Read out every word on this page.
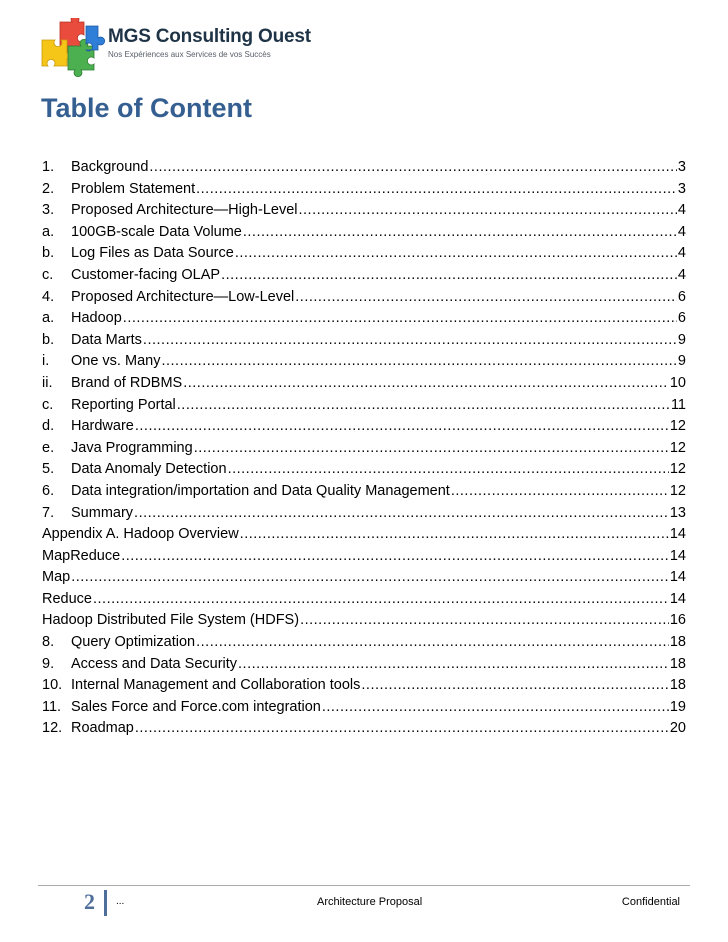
MGS Consulting Ouest
Nos Expériences aux Services de vos Succès
Table of Content
1.	Background .....	3
2.	Problem Statement .....	3
3.	Proposed Architecture—High-Level .....	4
a.	100GB-scale Data Volume .....	4
b.	Log Files as Data Source .....	4
c.	Customer-facing OLAP .....	4
4.	Proposed Architecture—Low-Level .....	6
a.	Hadoop .....	6
b.	Data Marts .....	9
i.	One vs. Many .....	9
ii.	Brand of RDBMS .....	10
c.	Reporting Portal .....	11
d.	Hardware .....	12
e.	Java Programming .....	12
5.	Data Anomaly Detection .....	12
6.	Data integration/importation and Data Quality Management .....	12
7.	Summary .....	13
Appendix A. Hadoop Overview .....	14
MapReduce .....	14
Map .....	14
Reduce .....	14
Hadoop Distributed File System (HDFS) .....	16
8.	Query Optimization .....	18
9.	Access and Data Security .....	18
10. Internal Management and Collaboration tools .....	18
11. Sales Force and Force.com integration .....	19
12. Roadmap .....	20
2 ...	Architecture Proposal	Confidential
